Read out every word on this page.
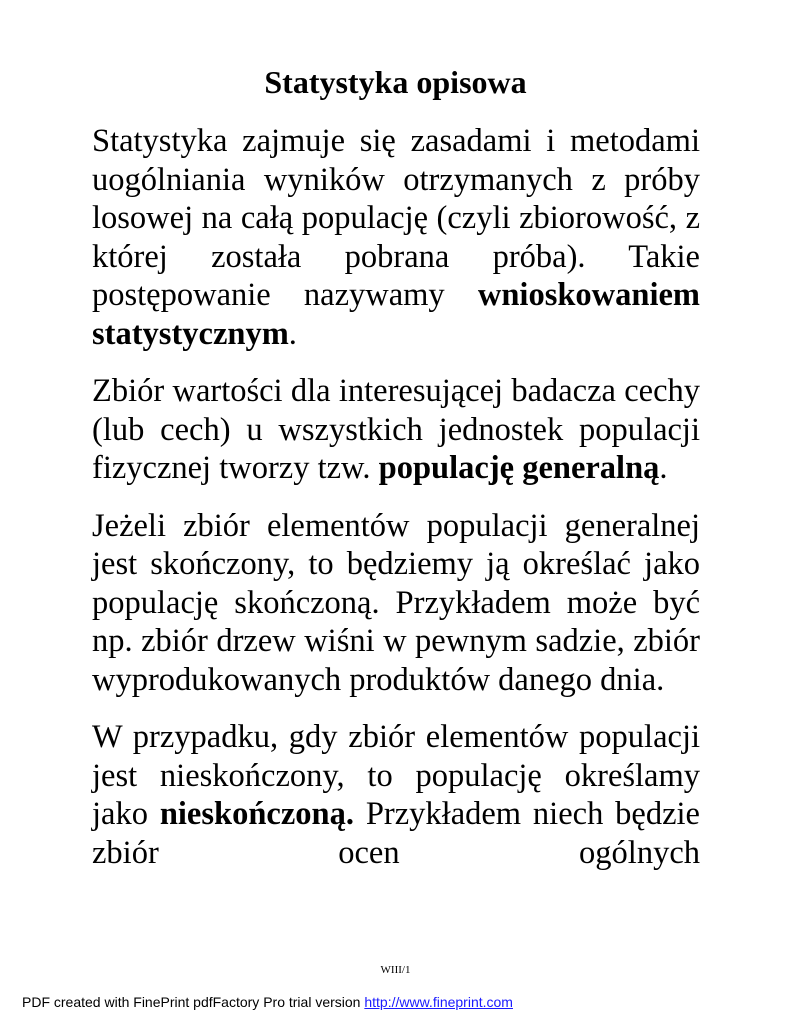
Statystyka opisowa

Statystyka zajmuje się zasadami i metodami uogólniania wyników otrzymanych z próby losowej na całą populację (czyli zbiorowość, z której została pobrana próba). Takie postępowanie nazywamy wnioskowaniem statystycznym.

Zbiór wartości dla interesującej badacza cechy (lub cech) u wszystkich jednostek populacji fizycznej tworzy tzw. populację generalną.

Jeżeli zbiór elementów populacji generalnej jest skończony, to będziemy ją określać jako populację skończoną. Przykładem może być np. zbiór drzew wiśni w pewnym sadzie, zbiór wyprodukowanych produktów danego dnia.

W przypadku, gdy zbiór elementów populacji jest nieskończony, to populację określamy jako nieskończoną. Przykładem niech będzie zbiór ocen ogólnych

WIII/1
PDF created with FinePrint pdfFactory Pro trial version http://www.fineprint.com
